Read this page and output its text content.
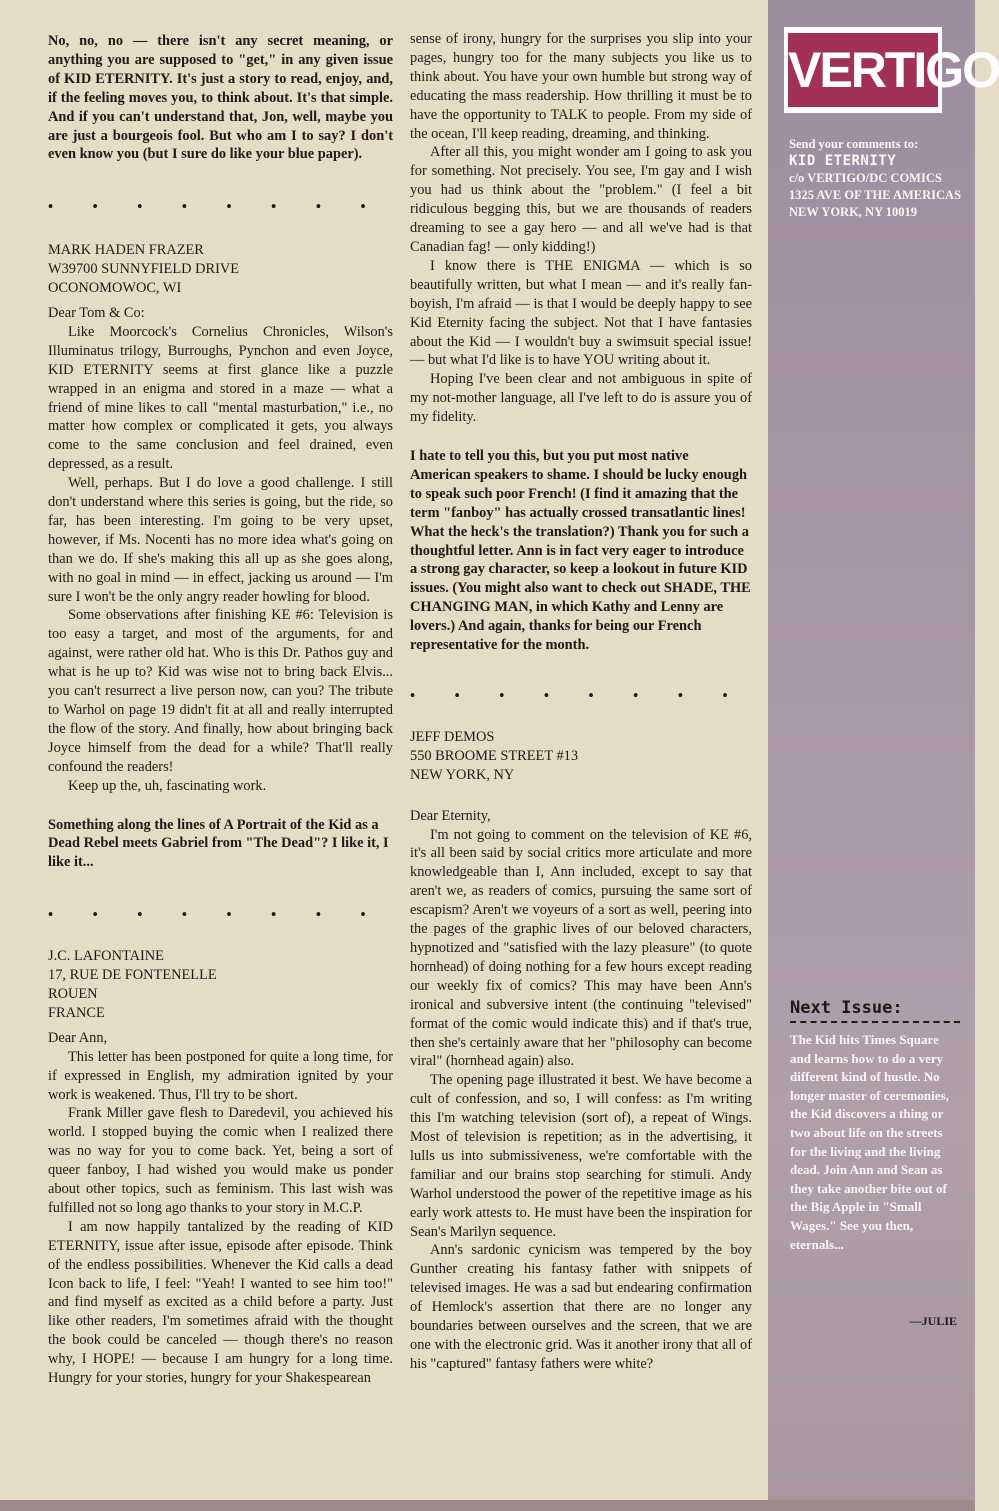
VERTIGO
Send your comments to:
KID ETERNITY
c/o VERTIGO/DC COMICS
1325 AVE OF THE AMERICAS
NEW YORK, NY 10019
Next Issue:
The Kid hits Times Square and learns how to do a very different kind of hustle. No longer master of ceremonies, the Kid discovers a thing or two about life on the streets for the living and the living dead. Join Ann and Sean as they take another bite out of the Big Apple in "Small Wages." See you then, eternals...
—JULIE

No, no, no — there isn't any secret meaning, or anything you are supposed to "get," in any given issue of KID ETERNITY. It's just a story to read, enjoy, and, if the feeling moves you, to think about. It's that simple. And if you can't understand that, Jon, well, maybe you are just a bourgeois fool. But who am I to say? I don't even know you (but I sure do like your blue paper).

• • • • • • • •

MARK HADEN FRAZER

W39700 SUNNYFIELD DRIVE

OCONOMOWOC, WI

Dear Tom & Co:

Like Moorcock's Cornelius Chronicles, Wilson's Illuminatus trilogy, Burroughs, Pynchon and even Joyce, KID ETERNITY seems at first glance like a puzzle wrapped in an enigma and stored in a maze — what a friend of mine likes to call "mental masturbation," i.e., no matter how complex or complicated it gets, you always come to the same conclusion and feel drained, even depressed, as a result.

Well, perhaps. But I do love a good challenge. I still don't understand where this series is going, but the ride, so far, has been interesting. I'm going to be very upset, however, if Ms. Nocenti has no more idea what's going on than we do. If she's making this all up as she goes along, with no goal in mind — in effect, jacking us around — I'm sure I won't be the only angry reader howling for blood.

Some observations after finishing KE #6: Television is too easy a target, and most of the arguments, for and against, were rather old hat. Who is this Dr. Pathos guy and what is he up to? Kid was wise not to bring back Elvis... you can't resurrect a live person now, can you? The tribute to Warhol on page 19 didn't fit at all and really interrupted the flow of the story. And finally, how about bringing back Joyce himself from the dead for a while? That'll really confound the readers!

Keep up the, uh, fascinating work.

Something along the lines of A Portrait of the Kid as a Dead Rebel meets Gabriel from "The Dead"? I like it, I like it...

• • • • • • • •

J.C. LAFONTAINE

17, RUE DE FONTENELLE

ROUEN

FRANCE

Dear Ann,

This letter has been postponed for quite a long time, for if expressed in English, my admiration ignited by your work is weakened. Thus, I'll try to be short.

Frank Miller gave flesh to Daredevil, you achieved his world. I stopped buying the comic when I realized there was no way for you to come back. Yet, being a sort of queer fanboy, I had wished you would make us ponder about other topics, such as feminism. This last wish was fulfilled not so long ago thanks to your story in M.C.P.

I am now happily tantalized by the reading of KID ETERNITY, issue after issue, episode after episode. Think of the endless possibilities. Whenever the Kid calls a dead Icon back to life, I feel: "Yeah! I wanted to see him too!" and find myself as excited as a child before a party. Just like other readers, I'm sometimes afraid with the thought the book could be canceled — though there's no reason why, I HOPE! — because I am hungry for a long time. Hungry for your stories, hungry for your Shakespearean

sense of irony, hungry for the surprises you slip into your pages, hungry too for the many subjects you like us to think about. You have your own humble but strong way of educating the mass readership. How thrilling it must be to have the opportunity to TALK to people. From my side of the ocean, I'll keep reading, dreaming, and thinking.

After all this, you might wonder am I going to ask you for something. Not precisely. You see, I'm gay and I wish you had us think about the "problem." (I feel a bit ridiculous begging this, but we are thousands of readers dreaming to see a gay hero — and all we've had is that Canadian fag! — only kidding!)

I know there is THE ENIGMA — which is so beautifully written, but what I mean — and it's really fan-boyish, I'm afraid — is that I would be deeply happy to see Kid Eternity facing the subject. Not that I have fantasies about the Kid — I wouldn't buy a swimsuit special issue! — but what I'd like is to have YOU writing about it.

Hoping I've been clear and not ambiguous in spite of my not-mother language, all I've left to do is assure you of my fidelity.

I hate to tell you this, but you put most native American speakers to shame. I should be lucky enough to speak such poor French! (I find it amazing that the term "fanboy" has actually crossed transatlantic lines! What the heck's the translation?) Thank you for such a thoughtful letter. Ann is in fact very eager to introduce a strong gay character, so keep a lookout in future KID issues. (You might also want to check out SHADE, THE CHANGING MAN, in which Kathy and Lenny are lovers.) And again, thanks for being our French representative for the month.

• • • • • • • •

JEFF DEMOS

550 BROOME STREET #13

NEW YORK, NY

Dear Eternity,

I'm not going to comment on the television of KE #6, it's all been said by social critics more articulate and more knowledgeable than I, Ann included, except to say that aren't we, as readers of comics, pursuing the same sort of escapism? Aren't we voyeurs of a sort as well, peering into the pages of the graphic lives of our beloved characters, hypnotized and "satisfied with the lazy pleasure" (to quote hornhead) of doing nothing for a few hours except reading our weekly fix of comics? This may have been Ann's ironical and subversive intent (the continuing "televised" format of the comic would indicate this) and if that's true, then she's certainly aware that her "philosophy can become viral" (hornhead again) also.

The opening page illustrated it best. We have become a cult of confession, and so, I will confess: as I'm writing this I'm watching television (sort of), a repeat of Wings. Most of television is repetition; as in the advertising, it lulls us into submissiveness, we're comfortable with the familiar and our brains stop searching for stimuli. Andy Warhol understood the power of the repetitive image as his early work attests to. He must have been the inspiration for Sean's Marilyn sequence.

Ann's sardonic cynicism was tempered by the boy Gunther creating his fantasy father with snippets of televised images. He was a sad but endearing confirmation of Hemlock's assertion that there are no longer any boundaries between ourselves and the screen, that we are one with the electronic grid. Was it another irony that all of his "captured" fantasy fathers were white?
